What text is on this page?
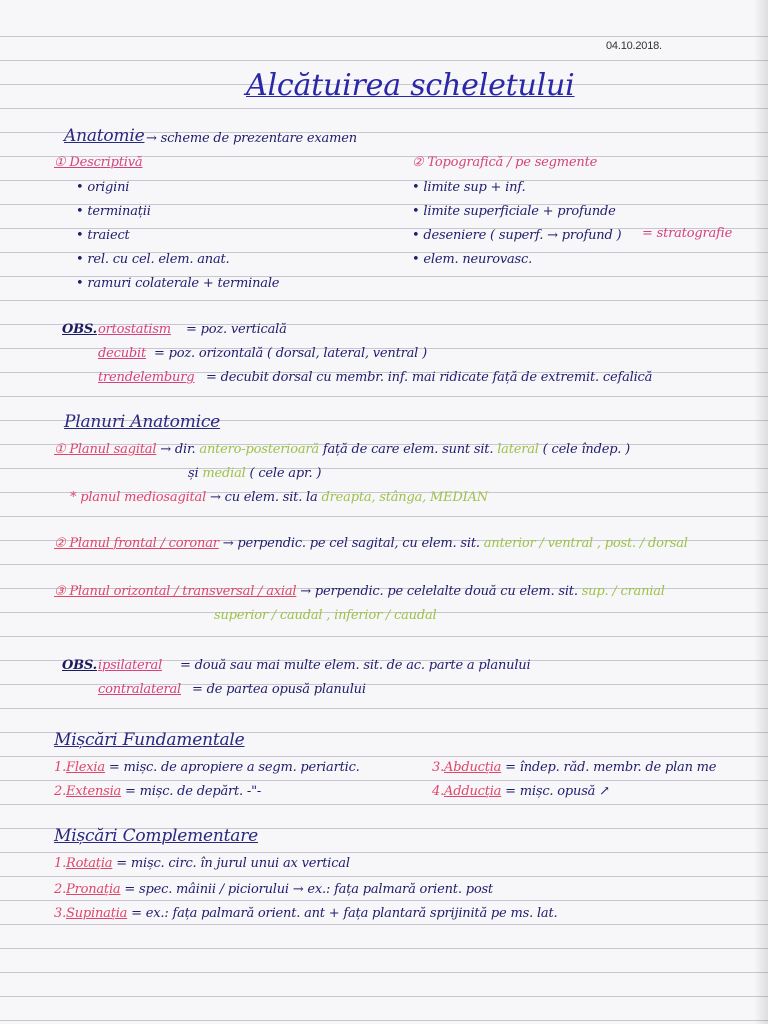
04.10.2018.
Alcătuirea scheletului
Anatomie → scheme de prezentare examen
① Descriptivă
• origini
• terminații
• traiect
• rel. cu cel. elem. anat.
• ramuri colaterale + terminale
② Topografică / pe segmente
• limite sup + inf.
• limite superficiale + profunde
• deseniere ( superf. → profund ) = stratografie
• elem. neurovasc.
OBS. ortostatism = poz. verticală
decubit = poz. orizontală ( dorsal, lateral, ventral )
trendelemburg = decubit dorsal cu membr. inf. mai ridicate față de extremit. cefalică
Planuri Anatomice
① Planul sagital → dir. antero-posterioară față de care elem. sunt sit. lateral ( cele îndep. )
și medial ( cele apr. )
* planul mediosagital → cu elem. sit. la dreapta, stânga, MEDIAN
② Planul frontal / coronar → perpendic. pe cel sagital, cu elem. sit. anterior / ventral , post. / dorsal
③ Planul orizontal / transversal / axial → perpendic. pe celelalte două cu elem. sit. sup. / cranial
superior / caudal , inferior / caudal
OBS. ipsilateral = două sau mai multe elem. sit. de ac. parte a planului
contralateral = de partea opusă planului
Mișcări Fundamentale
1.Flexia = mișc. de apropiere a segm. periartic.
2.Extensia = mișc. de depărt. -"-
3.Abducția = îndep. răd. membr. de plan me
4.Adducția = mișc. opusă ↗
Mișcări Complementare
1.Rotația = mișc. circ. în jurul unui ax vertical
2.Pronația = spec. mâinii / piciorului → ex.: fața palmară orient. post
3.Supinația = ex.: fața palmară orient. ant + fața plantară sprijinită pe ms. lat.
